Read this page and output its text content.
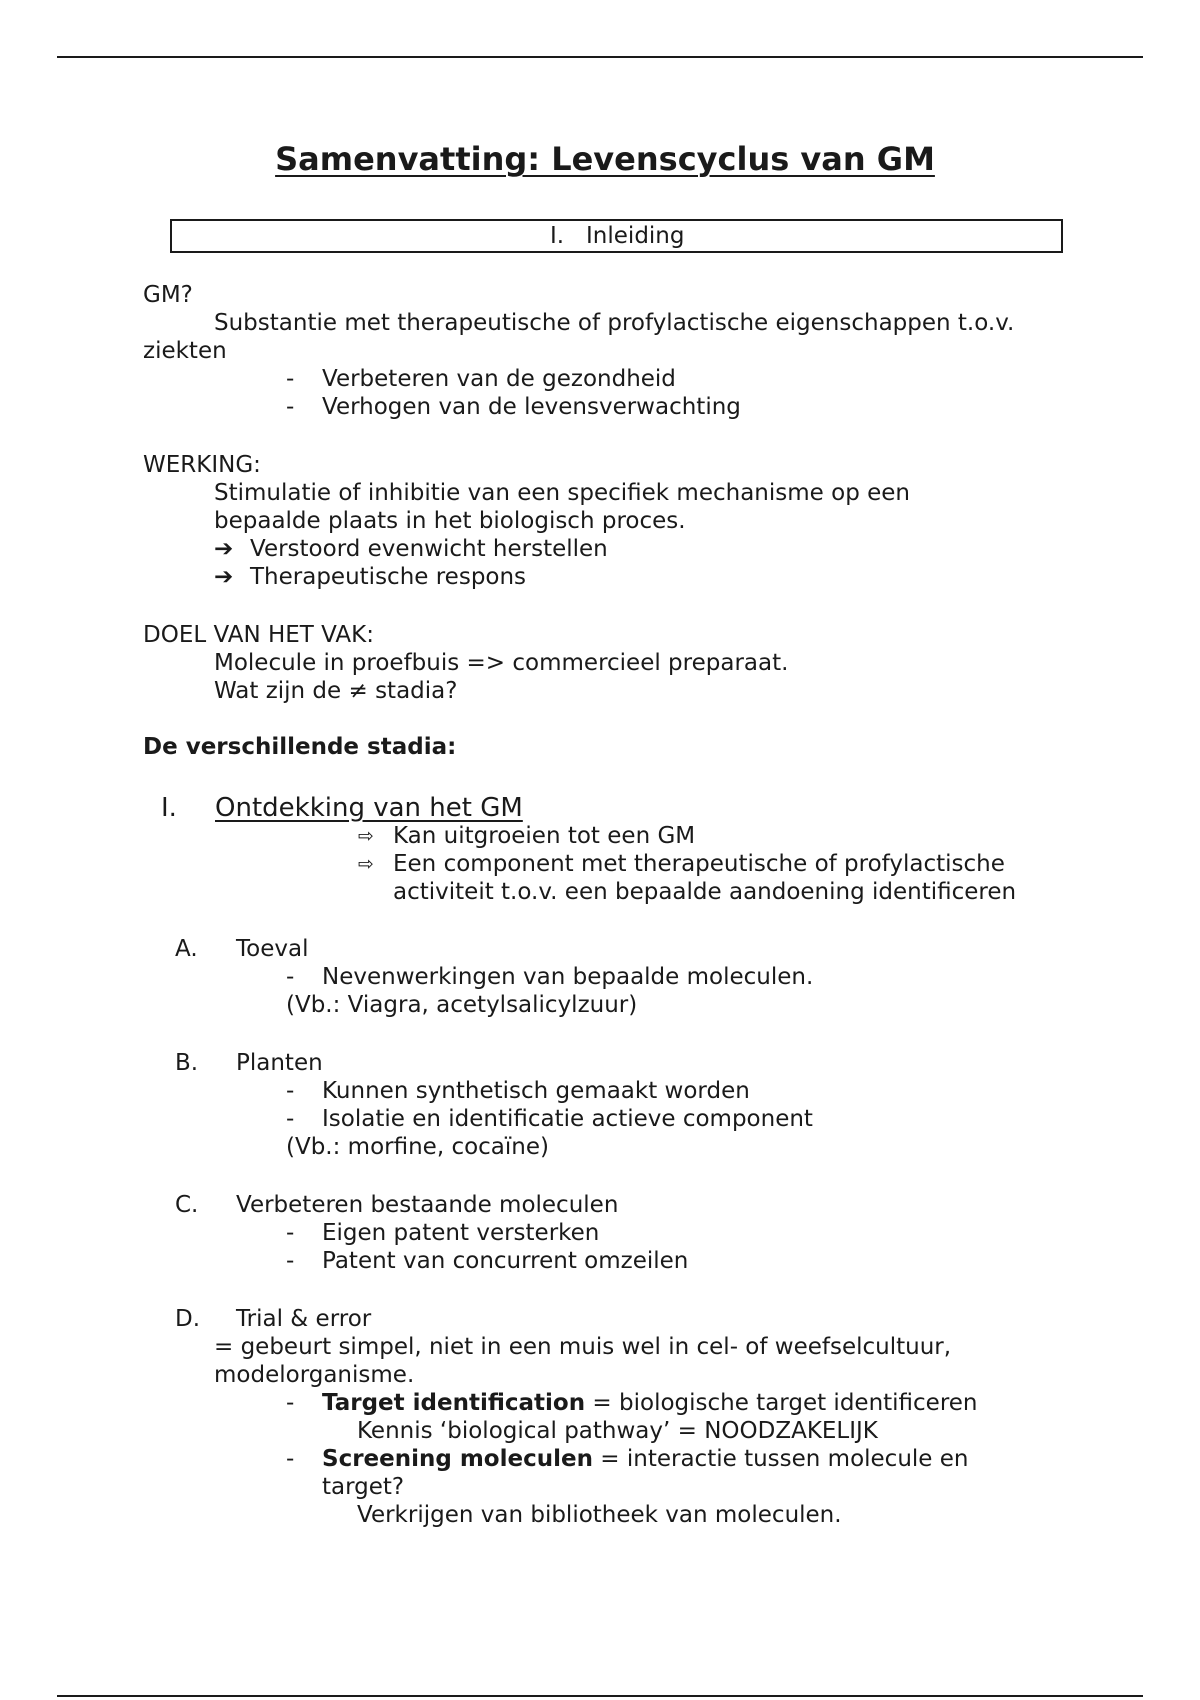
Samenvatting: Levenscyclus van GM
I.   Inleiding
GM?
Substantie met therapeutische of profylactische eigenschappen t.o.v.
ziekten
- Verbeteren van de gezondheid
- Verhogen van de levensverwachting
WERKING:
Stimulatie of inhibitie van een specifiek mechanisme op een
bepaalde plaats in het biologisch proces.
➔ Verstoord evenwicht herstellen
➔ Therapeutische respons
DOEL VAN HET VAK:
Molecule in proefbuis => commercieel preparaat.
Wat zijn de ≠ stadia?
De verschillende stadia:
I. Ontdekking van het GM
⇨ Kan uitgroeien tot een GM
⇨ Een component met therapeutische of profylactische
activiteit t.o.v. een bepaalde aandoening identificeren
A. Toeval
- Nevenwerkingen van bepaalde moleculen.
(Vb.: Viagra, acetylsalicylzuur)
B. Planten
- Kunnen synthetisch gemaakt worden
- Isolatie en identificatie actieve component
(Vb.: morfine, cocaïne)
C. Verbeteren bestaande moleculen
- Eigen patent versterken
- Patent van concurrent omzeilen
D. Trial & error
= gebeurt simpel, niet in een muis wel in cel- of weefselcultuur,
modelorganisme.
- Target identification = biologische target identificeren
Kennis ‘biological pathway’ = NOODZAKELIJK
- Screening moleculen = interactie tussen molecule en
target?
Verkrijgen van bibliotheek van moleculen.
